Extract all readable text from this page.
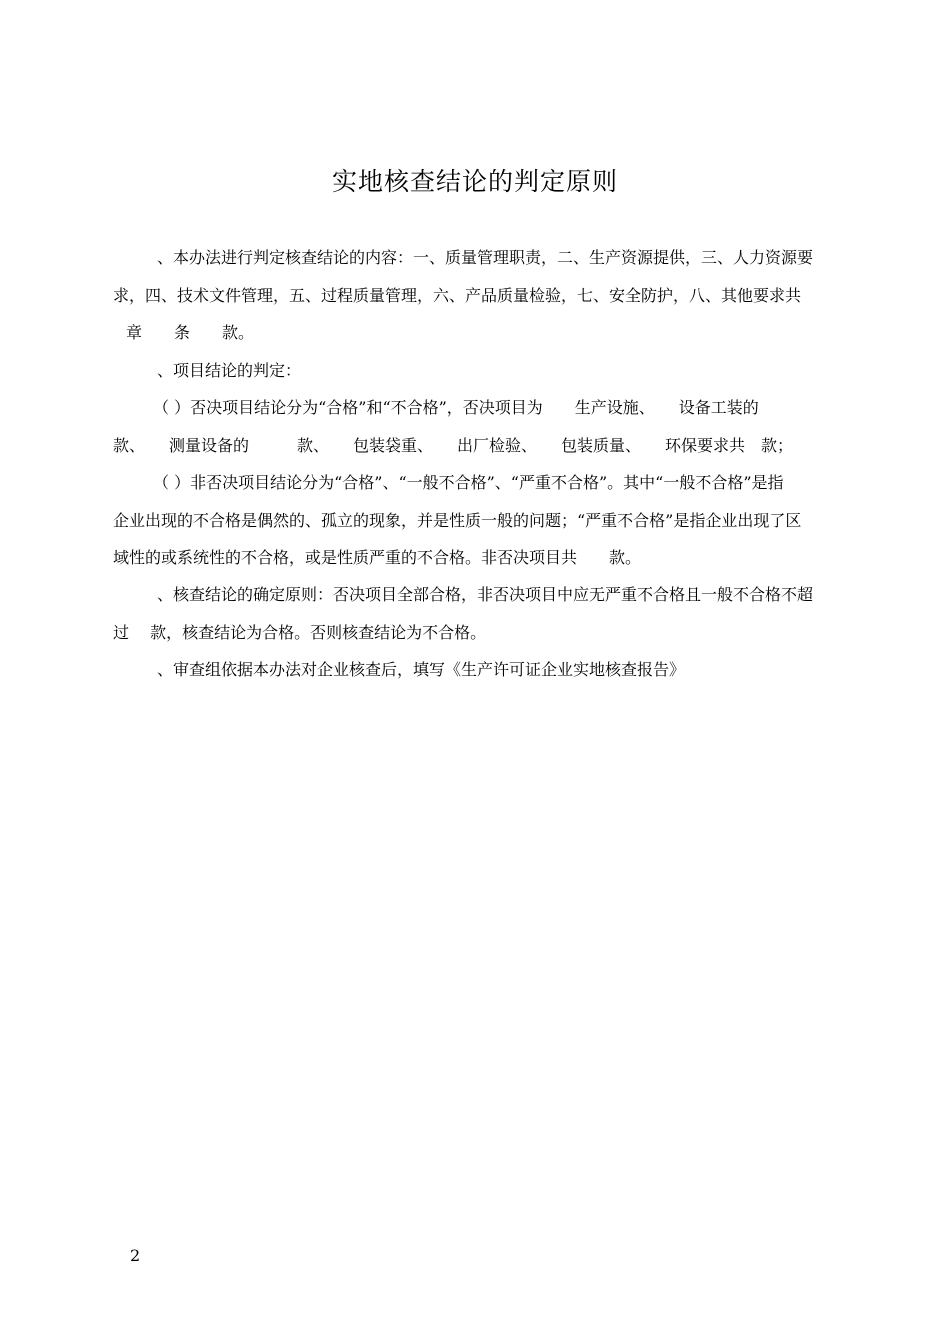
实地核查结论的判定原则
、本办法进行判定核查结论的内容：一、质量管理职责，二、生产资源提供，三、人力资源要
求，四、技术文件管理，五、过程质量管理，六、产品质量检验，七、安全防护，八、其他要求共
章　　条　　款。
、项目结论的判定：
（ ）否决项目结论分为“合格”和“不合格”，否决项目为　　生产设施、　　设备工装的
款、　　测量设备的　　　款、　　包装袋重、　　出厂检验、　　包装质量、　　环保要求共　款；
（ ）非否决项目结论分为“合格”、“一般不合格”、“严重不合格”。其中“一般不合格”是指
企业出现的不合格是偶然的、孤立的现象，并是性质一般的问题；“严重不合格”是指企业出现了区
域性的或系统性的不合格，或是性质严重的不合格。非否决项目共　　款。
、核查结论的确定原则：否决项目全部合格，非否决项目中应无严重不合格且一般不合格不超
过　 款，核查结论为合格。否则核查结论为不合格。
、审查组依据本办法对企业核查后，填写《生产许可证企业实地核查报告》
2
